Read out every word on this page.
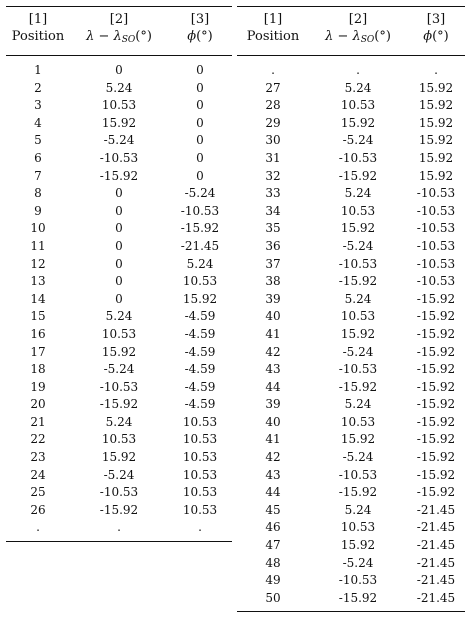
[1]	[2]	[3]
Position	$\lambda - \lambda_{SO}(^\circ)$	ϕ(°)
1	0	0
2	5.24	0
3	10.53	0
4	15.92	0
5	-5.24	0
6	-10.53	0
7	-15.92	0
8	0	-5.24
9	0	-10.53
10	0	-15.92
11	0	-21.45
12	0	5.24
13	0	10.53
14	0	15.92
15	5.24	-4.59
16	10.53	-4.59
17	15.92	-4.59
18	-5.24	-4.59
19	-10.53	-4.59
20	-15.92	-4.59
21	5.24	10.53
22	10.53	10.53
23	15.92	10.53
24	-5.24	10.53
25	-10.53	10.53
26	-15.92	10.53
.	.	.
[1]	[2]	[3]
Position	$\lambda - \lambda_{SO}(^\circ)$	ϕ(°)
.	.	.
27	5.24	15.92
28	10.53	15.92
29	15.92	15.92
30	-5.24	15.92
31	-10.53	15.92
32	-15.92	15.92
33	5.24	-10.53
34	10.53	-10.53
35	15.92	-10.53
36	-5.24	-10.53
37	-10.53	-10.53
38	-15.92	-10.53
39	5.24	-15.92
40	10.53	-15.92
41	15.92	-15.92
42	-5.24	-15.92
43	-10.53	-15.92
44	-15.92	-15.92
39	5.24	-15.92
40	10.53	-15.92
41	15.92	-15.92
42	-5.24	-15.92
43	-10.53	-15.92
44	-15.92	-15.92
45	5.24	-21.45
46	10.53	-21.45
47	15.92	-21.45
48	-5.24	-21.45
49	-10.53	-21.45
50	-15.92	-21.45
